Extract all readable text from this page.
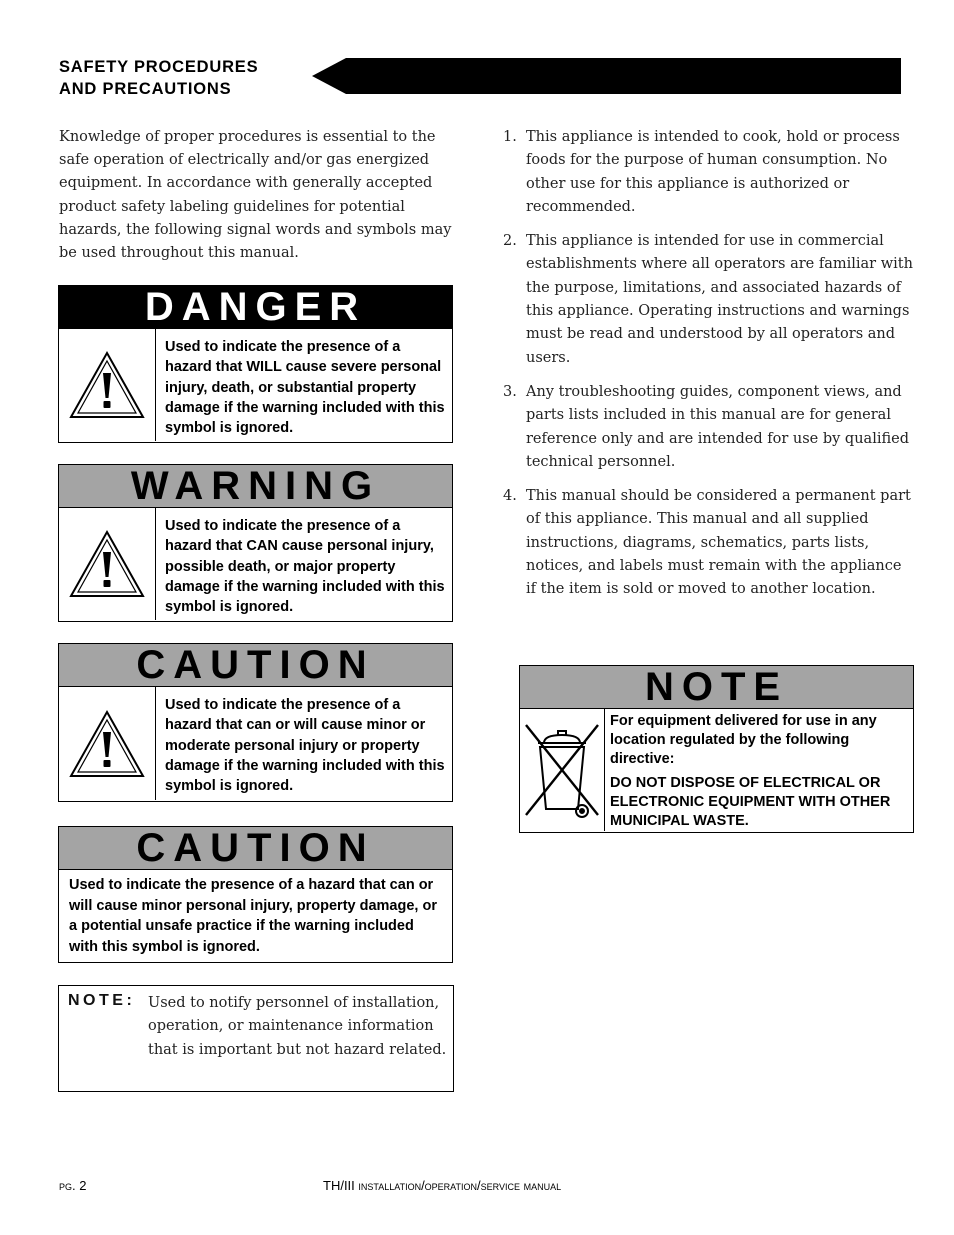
SAFETY PROCEDURES
AND PRECAUTIONS
Knowledge of proper procedures is essential to the safe operation of electrically and/or gas energized equipment. In accordance with generally accepted product safety labeling guidelines for potential hazards, the following signal words and symbols may be used throughout this manual.
DANGER
Used to indicate the presence of a hazard that WILL cause severe personal injury, death, or substantial property damage if the warning included with this symbol is ignored.
WARNING
Used to indicate the presence of a hazard that CAN cause personal injury, possible death, or major property damage if the warning included with this symbol is ignored.
CAUTION
Used to indicate the presence of a hazard that can or will cause minor or moderate personal injury or property damage if the warning included with this symbol is ignored.
CAUTION
Used to indicate the presence of a hazard that can or will cause minor personal injury, property damage, or a potential unsafe practice if the warning included with this symbol is ignored.
NOTE: Used to notify personnel of installation, operation, or maintenance information that is important but not hazard related.
1. This appliance is intended to cook, hold or process foods for the purpose of human consumption. No other use for this appliance is authorized or recommended.
2. This appliance is intended for use in commercial establishments where all operators are familiar with the purpose, limitations, and associated hazards of this appliance. Operating instructions and warnings must be read and understood by all operators and users.
3. Any troubleshooting guides, component views, and parts lists included in this manual are for general reference only and are intended for use by qualified technical personnel.
4. This manual should be considered a permanent part of this appliance. This manual and all supplied instructions, diagrams, schematics, parts lists, notices, and labels must remain with the appliance if the item is sold or moved to another location.
NOTE
For equipment delivered for use in any location regulated by the following directive:
DO NOT DISPOSE OF ELECTRICAL OR ELECTRONIC EQUIPMENT WITH OTHER MUNICIPAL WASTE.
pg. 2	TH/III installation/operation/service manual
